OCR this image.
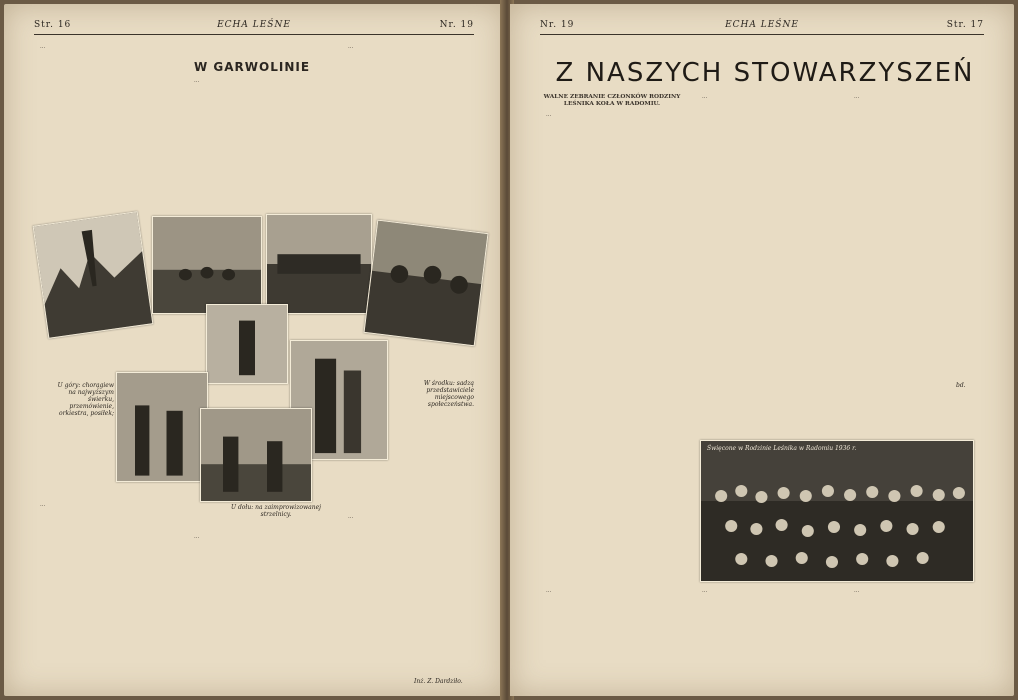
Str. 16	ECHA LEŚNE	Nr. 19

…

W GARWOLINIE

…

…

U góry: chorągiew na najwyższym świerku, przemówienie, orkiestra, posiłek;
W środku: sadzą przedstawiciele miejscowego społeczeństwa.
U dołu: na zaimprowizowanej strzelnicy.

…

…

…

Inż. Z. Dardziło.
Nr. 19	ECHA LEŚNE	Str. 17
Z NASZYCH STOWARZYSZEŃ
WALNE ZEBRANIE CZŁONKÓW RODZINY LEŚNIKA KOŁA W RADOMIU.

…

…	…

bd.
Święcone w Rodzinie Leśnika w Radomiu 1936 r.

…	…	…
